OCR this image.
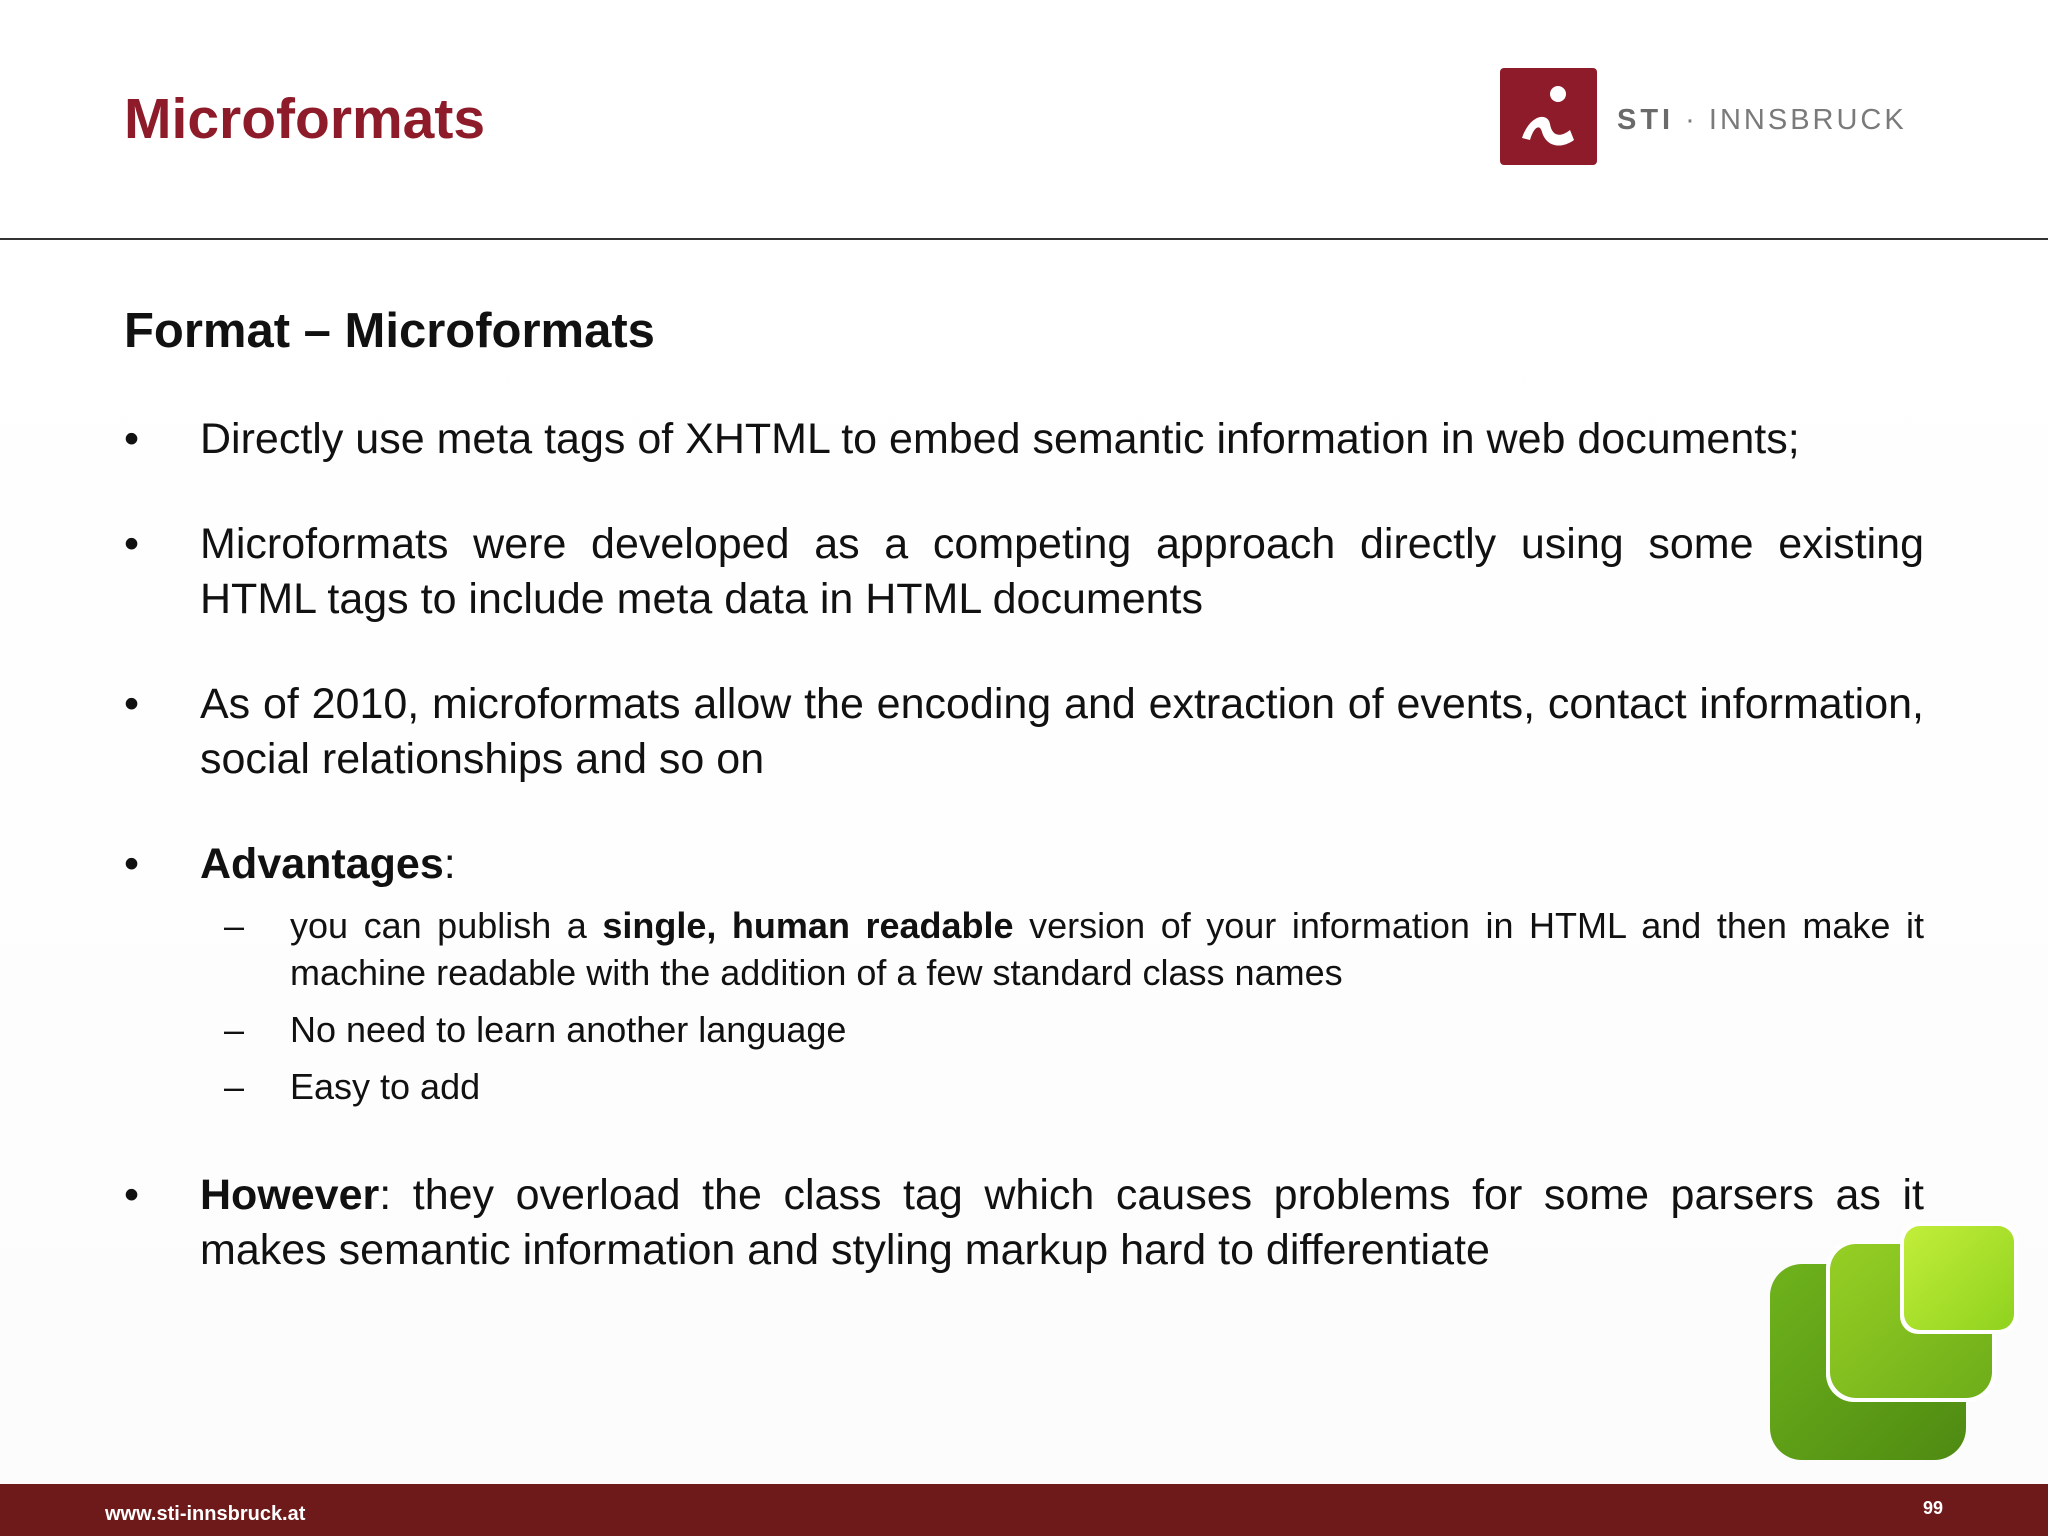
Microformats	STI · INNSBRUCK
Format – Microformats
• Directly use meta tags of XHTML to embed semantic information in web documents;
• Microformats were developed as a competing approach directly using some existing HTML tags to include meta data in HTML documents
• As of 2010, microformats allow the encoding and extraction of events, contact information, social relationships and so on
• Advantages:
– you can publish a single, human readable version of your information in HTML and then make it machine readable with the addition of a few standard class names
– No need to learn another language
– Easy to add
• However: they overload the class tag which causes problems for some parsers as it makes semantic information and styling markup hard to differentiate
www.sti-innsbruck.at	99
